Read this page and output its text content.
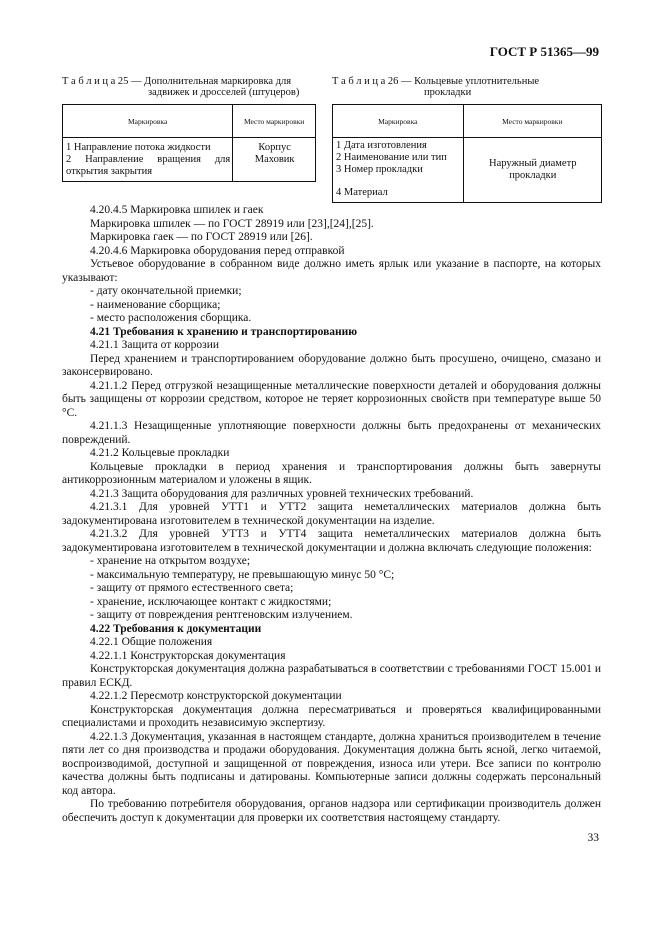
ГОСТ Р 51365—99
Т а б л и ц а 25 — Дополнительная маркировка для
задвижек и дросселей (штуцеров)
Маркировка	Место маркировки

1 Направление потока жидкости
2 Направление вращения для
открытия закрытия	Корпус
Маховик
Т а б л и ц а 26 — Кольцевые уплотнительные
прокладки
Маркировка	Место маркировки

1 Дата изготовления
2 Наименование или тип
3 Номер прокладки
4 Материал	Наружный диаметр
прокладки

4.20.4.5 Маркировка шпилек и гаек

Маркировка шпилек — по ГОСТ 28919 или [23],[24],[25].

Маркировка гаек — по ГОСТ 28919 или [26].

4.20.4.6 Маркировка оборудования перед отправкой

Устьевое оборудование в собранном виде должно иметь ярлык или указание в паспорте, на которых указывают:

- дату окончательной приемки;

- наименование сборщика;

- место расположения сборщика.

4.21 Требования к хранению и транспортированию

4.21.1 Защита от коррозии

Перед хранением и транспортированием оборудование должно быть просушено, очищено, смазано и законсервировано.

4.21.1.2 Перед отгрузкой незащищенные металлические поверхности деталей и оборудования должны быть защищены от коррозии средством, которое не теряет коррозионных свойств при температуре выше 50 °С.

4.21.1.3 Незащищенные уплотняющие поверхности должны быть предохранены от механических повреждений.

4.21.2 Кольцевые прокладки

Кольцевые прокладки в период хранения и транспортирования должны быть завернуты антикоррозионным материалом и уложены в ящик.

4.21.3 Защита оборудования для различных уровней технических требований.

4.21.3.1 Для уровней УТТ1 и УТТ2 защита неметаллических материалов должна быть задокументирована изготовителем в технической документации на изделие.

4.21.3.2 Для уровней УТТ3 и УТТ4 защита неметаллических материалов должна быть задокументирована изготовителем в технической документации и должна включать следующие положения:

- хранение на открытом воздухе;

- максимальную температуру, не превышающую минус 50 °С;

- защиту от прямого естественного света;

- хранение, исключающее контакт с жидкостями;

- защиту от повреждения рентгеновским излучением.

4.22 Требования к документации

4.22.1 Общие положения

4.22.1.1 Конструкторская документация

Конструкторская документация должна разрабатываться в соответствии с требованиями ГОСТ 15.001 и правил ЕСКД.

4.22.1.2 Пересмотр конструкторской документации

Конструкторская документация должна пересматриваться и проверяться квалифицированными специалистами и проходить независимую экспертизу.

4.22.1.3 Документация, указанная в настоящем стандарте, должна храниться производителем в течение пяти лет со дня производства и продажи оборудования. Документация должна быть ясной, легко читаемой, воспроизводимой, доступной и защищенной от повреждения, износа или утери. Все записи по контролю качества должны быть подписаны и датированы. Компьютерные записи должны содержать персональный код автора.

По требованию потребителя оборудования, органов надзора или сертификации производитель должен обеспечить доступ к документации для проверки их соответствия настоящему стандарту.

33
